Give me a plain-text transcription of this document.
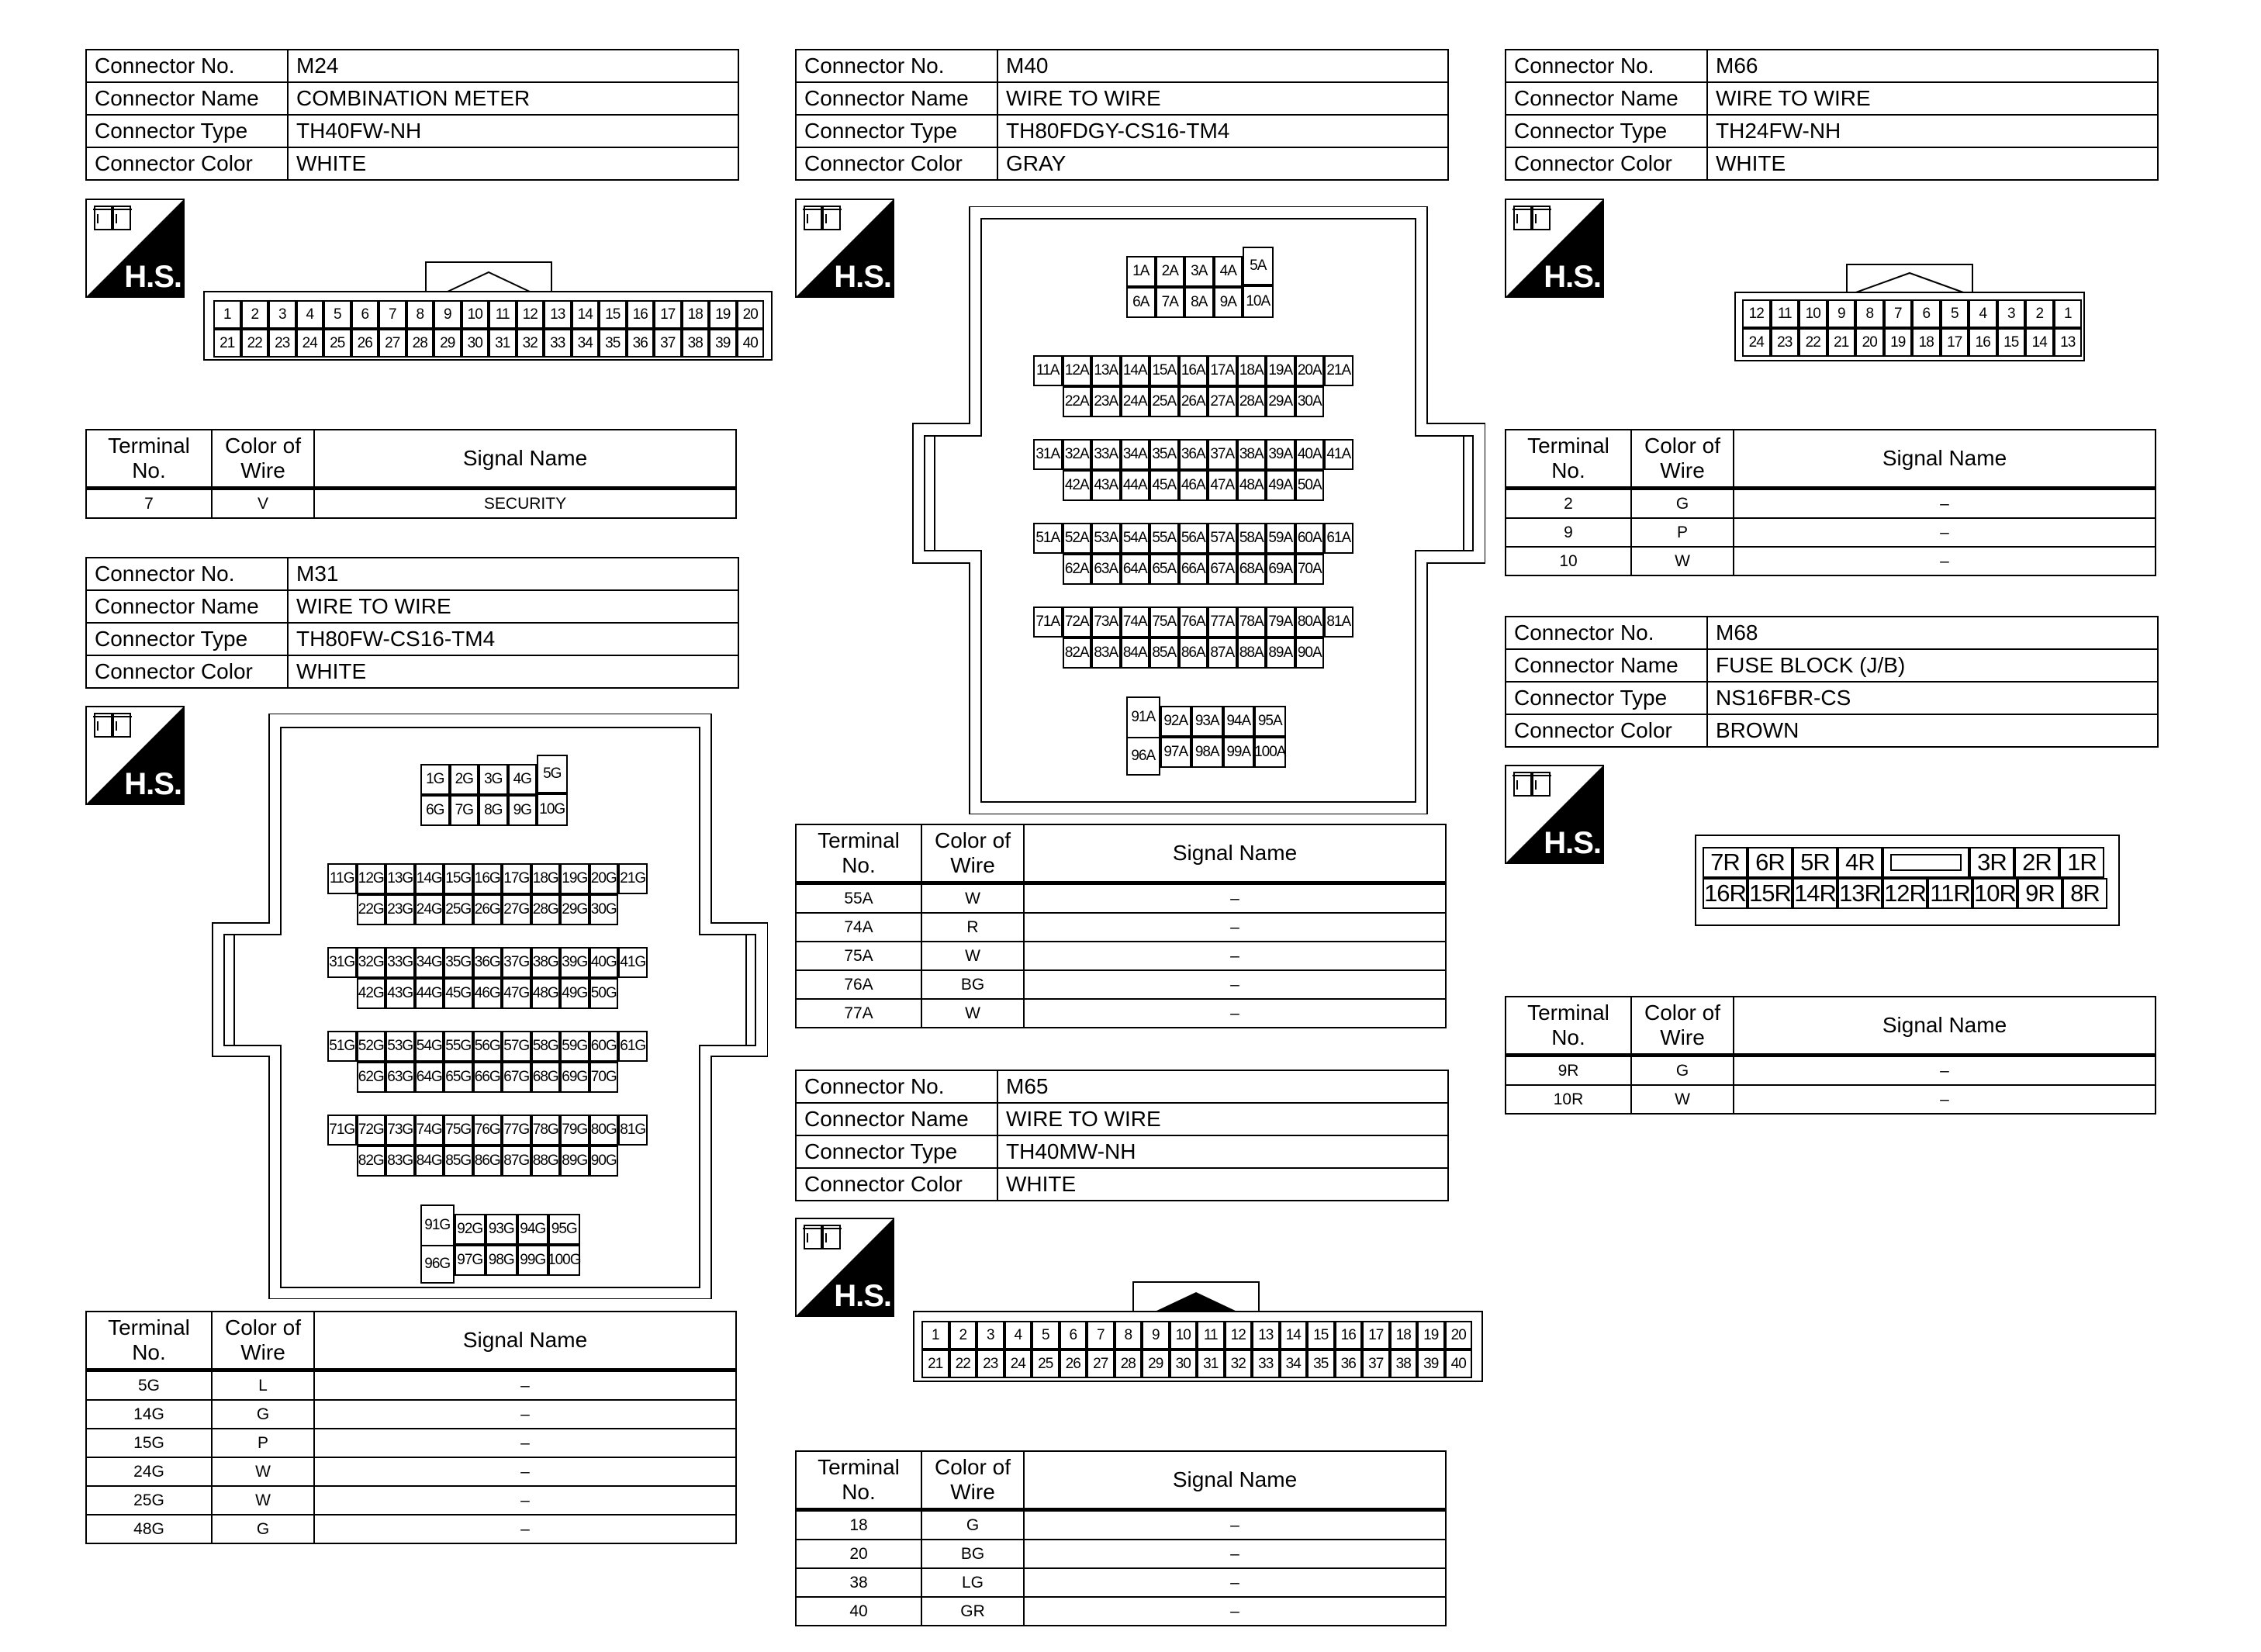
Connector No.	M24
Connector Name	COMBINATION METER
Connector Type	TH40FW-NH
Connector Color	WHITE
H.S.
1	2	3	4	5	6	7	8	9	10 11 12 13 14 15 16 17 18 19 20
21 22 23 24 25 26 27 28 29 30 31 32 33 34 35 36 37 38 39 40
Terminal
No.	Color of
Wire	Signal Name
7	V	SECURITY
Connector No.	M31
Connector Name	WIRE TO WIRE
Connector Type	TH80FW-CS16-TM4
Connector Color	WHITE
H.S.	1G 2G 3G 4G
6G 7G 8G 9G
5G
10G
11G 12G 13G 14G 15G 16G 17G 18G 19G 20G 21G
22G 23G 24G 25G 26G 27G 28G 29G 30G
31G 32G 33G 34G 35G 36G 37G 38G 39G 40G 41G
42G 43G 44G 45G 46G 47G 48G 49G 50G
51G 52G 53G 54G 55G 56G 57G 58G 59G 60G 61G
62G 63G 64G 65G 66G 67G 68G 69G 70G
71G 72G 73G 74G 75G 76G 77G 78G 79G 80G 81G
82G 83G 84G 85G 86G 87G 88G 89G 90G
91G
96G
92G 93G 94G 95G
97G 98G 99G 100G
Terminal
No.	Color of
Wire	Signal Name
5G	L	–
14G	G	–
15G	P	–
24G	W	–
25G	W	–
48G	G	–
Connector No.	M40
Connector Name	WIRE TO WIRE
Connector Type	TH80FDGY-CS16-TM4
Connector Color	GRAY
H.S.	1A 2A 3A 4A
6A 7A 8A 9A
5A
10A
11A 12A 13A 14A 15A 16A 17A 18A 19A 20A 21A
22A 23A 24A 25A 26A 27A 28A 29A 30A
31A 32A 33A 34A 35A 36A 37A 38A 39A 40A 41A
42A 43A 44A 45A 46A 47A 48A 49A 50A
51A 52A 53A 54A 55A 56A 57A 58A 59A 60A 61A
62A 63A 64A 65A 66A 67A 68A 69A 70A
71A 72A 73A 74A 75A 76A 77A 78A 79A 80A 81A
82A 83A 84A 85A 86A 87A 88A 89A 90A
91A
96A
92A 93A 94A 95A
97A 98A 99A 100A
Terminal
No.	Color of
Wire	Signal Name
55A	W	–
74A	R	–
75A	W	–
76A	BG	–
77A	W	–
Connector No.	M65
Connector Name	WIRE TO WIRE
Connector Type	TH40MW-NH
Connector Color	WHITE
H.S.
1	2	3	4	5	6	7	8	9	10 11 12 13 14 15 16 17 18 19 20
21 22 23 24 25 26 27 28 29 30 31 32 33 34 35 36 37 38 39 40
Terminal
No.	Color of
Wire	Signal Name
18	G	–
20	BG	–
38	LG	–
40	GR	–
Connector No.	M66
Connector Name	WIRE TO WIRE
Connector Type	TH24FW-NH
Connector Color	WHITE
H.S.
12 11 10	9	8	7	6	5	4	3	2	1
24 23 22 21 20 19 18 17 16 15 14 13
Terminal
No.	Color of
Wire	Signal Name
2	G	–
9	P	–
10	W	–
Connector No.	M68
Connector Name	FUSE BLOCK (J/B)
Connector Type	NS16FBR-CS
Connector Color	BROWN
H.S.
7R 6R 5R 4R	3R 2R 1R
16R 15R 14R 13R 12R 11R 10R 9R 8R
Terminal
No.	Color of
Wire	Signal Name
9R	G	–
10R	W	–
